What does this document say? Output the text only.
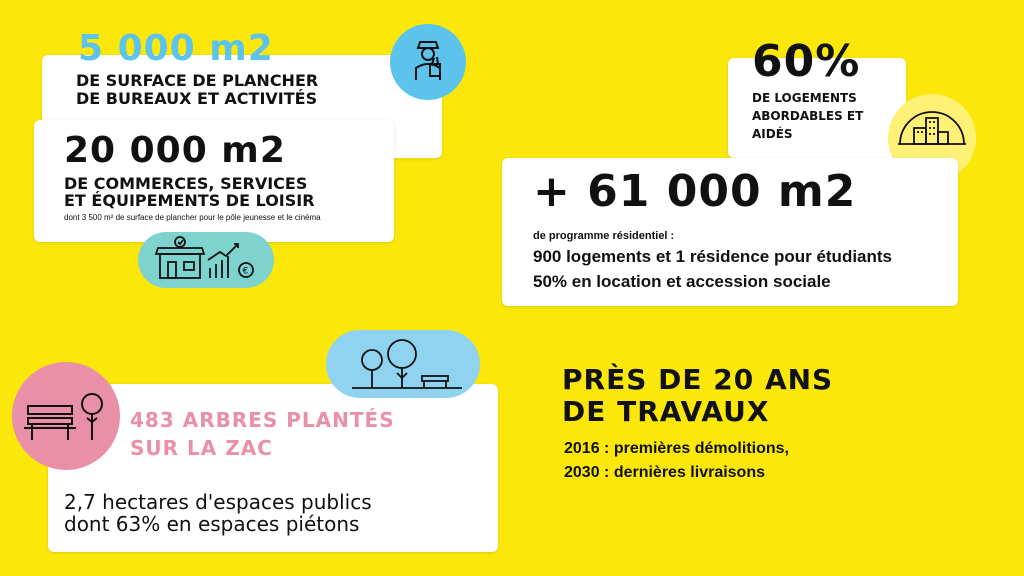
5 000 m2
DE SURFACE DE PLANCHER
DE BUREAUX ET ACTIVITÉS
20 000 m2
DE COMMERCES, SERVICES
ET ÉQUIPEMENTS DE LOISIR
dont 3 500 m² de surface de plancher pour le pôle jeunesse et le cinéma
€
60%
DE LOGEMENTS
ABORDABLES ET
AIDÉS
+ 61 000 m2
de programme résidentiel :
900 logements et 1 résidence pour étudiants
50% en location et accession sociale
483 ARBRES PLANTÉS
SUR LA ZAC
2,7 hectares d'espaces publics
dont 63% en espaces piétons
PRÈS DE 20 ANS
DE TRAVAUX
2016 : premières démolitions,
2030 : dernières livraisons
